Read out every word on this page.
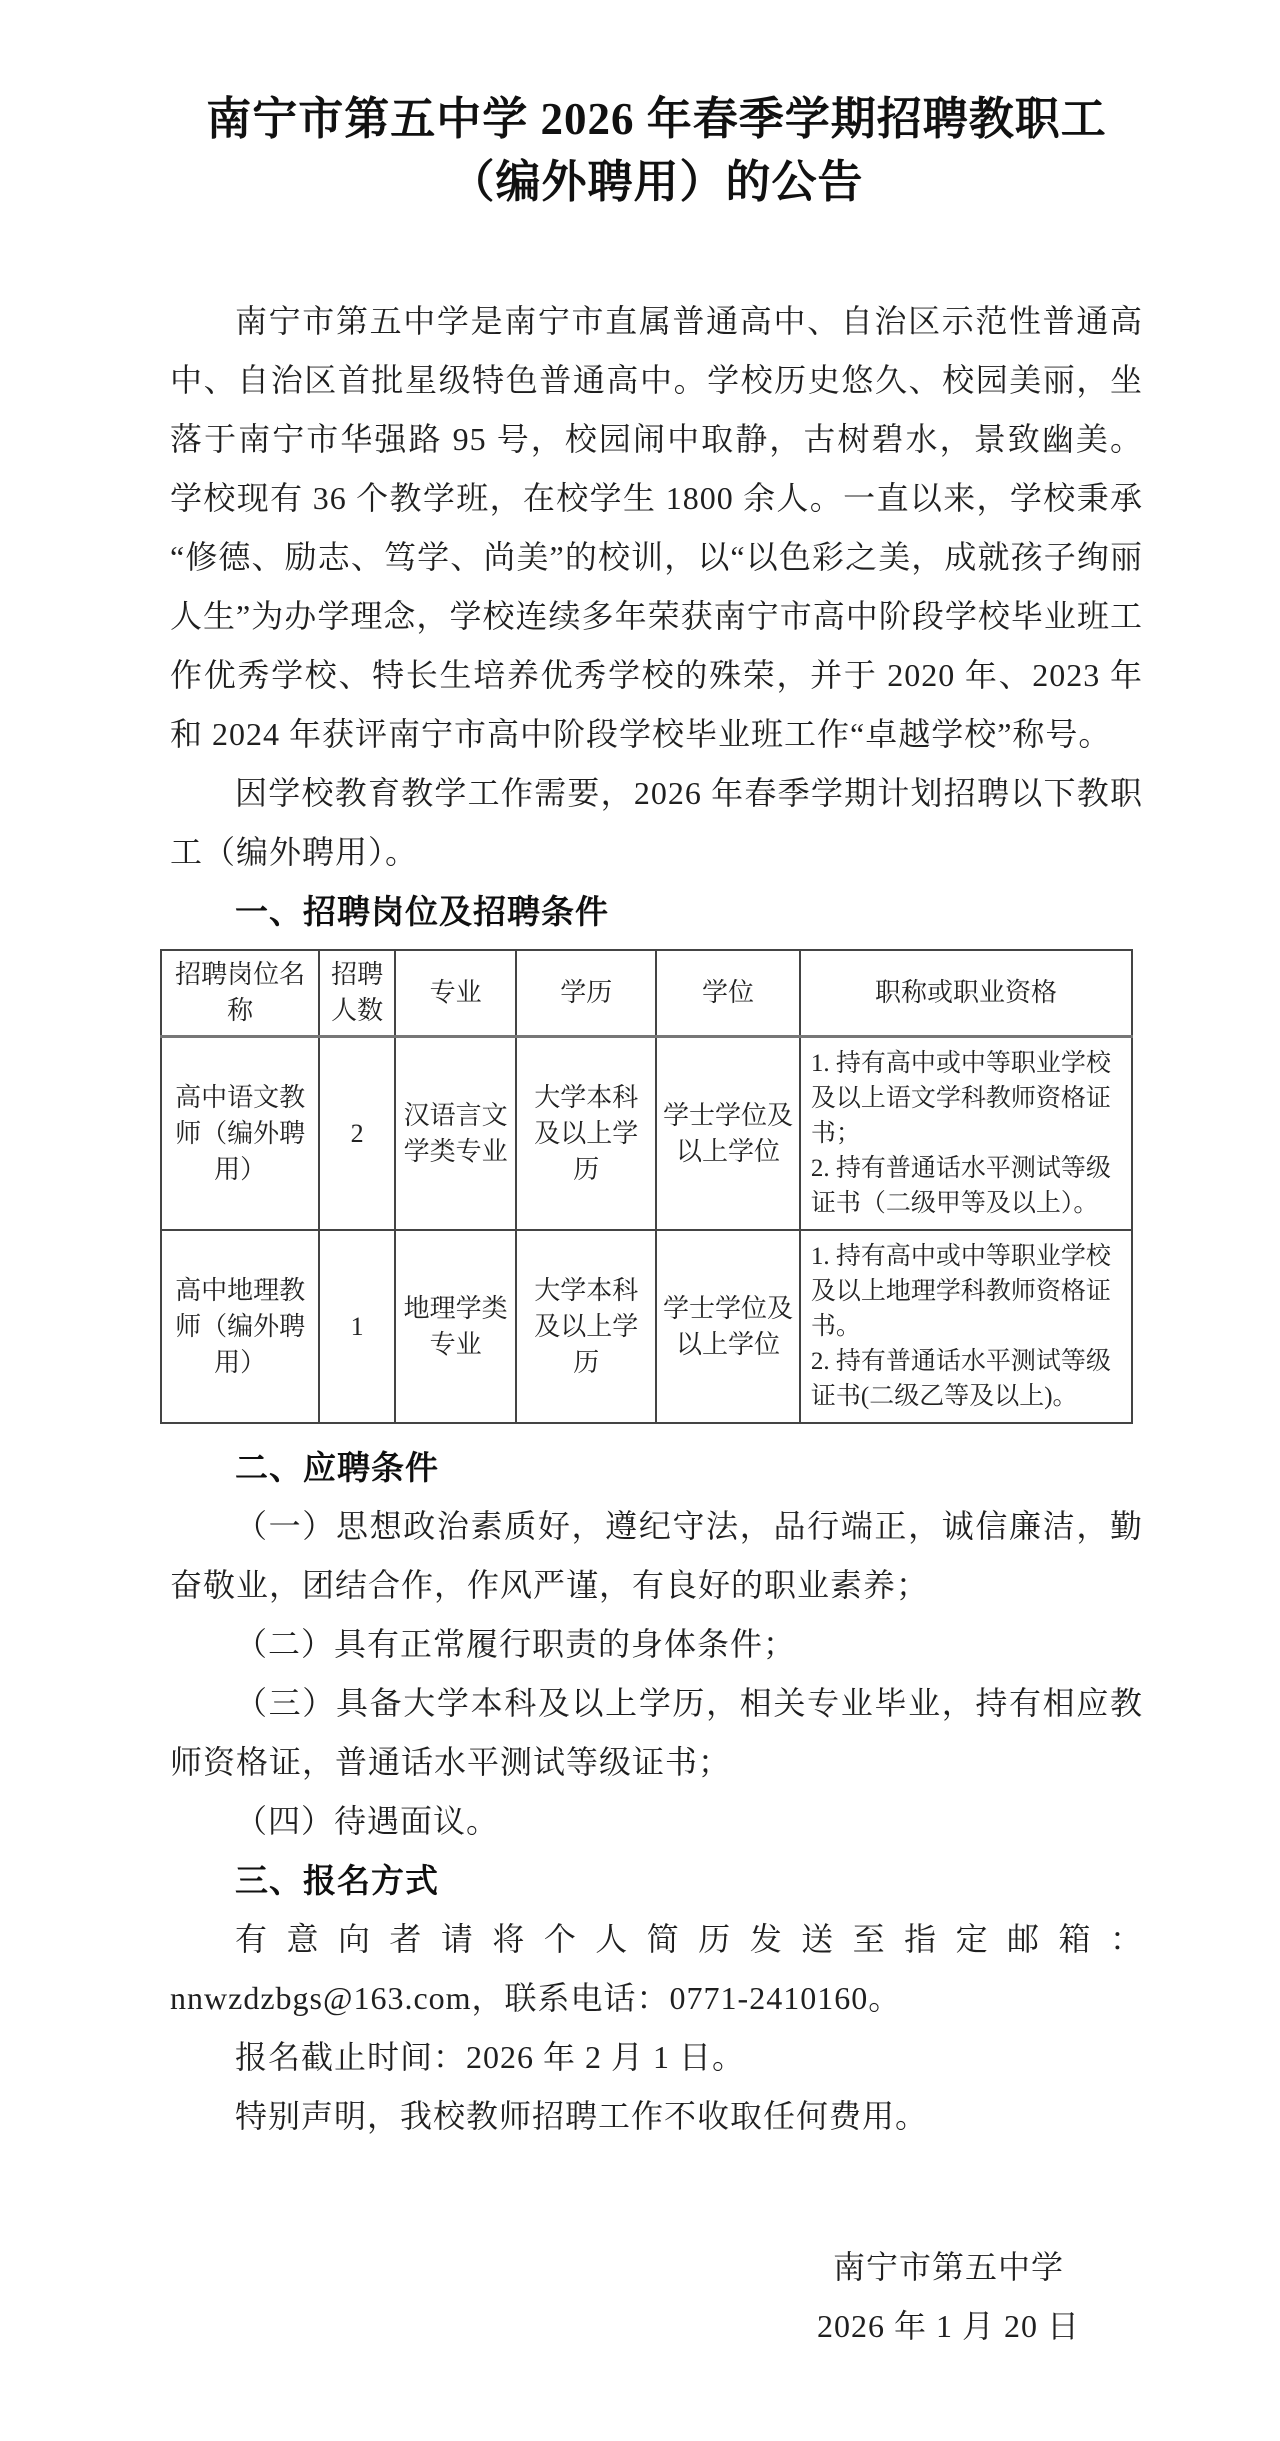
南宁市第五中学 2026 年春季学期招聘教职工
（编外聘用）的公告

南宁市第五中学是南宁市直属普通高中、自治区示范性普通高中、自治区首批星级特色普通高中。学校历史悠久、校园美丽，坐落于南宁市华强路 95 号，校园闹中取静，古树碧水，景致幽美。学校现有 36 个教学班，在校学生 1800 余人。一直以来，学校秉承“修德、励志、笃学、尚美”的校训，以“以色彩之美，成就孩子绚丽人生”为办学理念，学校连续多年荣获南宁市高中阶段学校毕业班工作优秀学校、特长生培养优秀学校的殊荣，并于 2020 年、2023 年和 2024 年获评南宁市高中阶段学校毕业班工作“卓越学校”称号。

因学校教育教学工作需要，2026 年春季学期计划招聘以下教职工（编外聘用）。

一、招聘岗位及招聘条件
招聘岗位名称	招聘人数	专业	学历	学位	职称或职业资格
高中语文教师（编外聘用）	2	汉语言文学类专业	大学本科及以上学历	学士学位及以上学位	1. 持有高中或中等职业学校及以上语文学科教师资格证书；
2. 持有普通话水平测试等级证书（二级甲等及以上）。

高中地理教师（编外聘用）	1	地理学类专业	大学本科及以上学历	学士学位及以上学位	1. 持有高中或中等职业学校及以上地理学科教师资格证书。
2. 持有普通话水平测试等级证书(二级乙等及以上)。
二、应聘条件

（一）思想政治素质好，遵纪守法，品行端正，诚信廉洁，勤奋敬业，团结合作，作风严谨，有良好的职业素养；

（二）具有正常履行职责的身体条件；

（三）具备大学本科及以上学历，相关专业毕业，持有相应教师资格证，普通话水平测试等级证书；

（四）待遇面议。

三、报名方式

有意向者请将个人简历发送至指定邮箱：

nnwzdzbgs@163.com，联系电话：0771-2410160。

报名截止时间：2026 年 2 月 1 日。

特别声明，我校教师招聘工作不收取任何费用。

南宁市第五中学
2026 年 1 月 20 日
